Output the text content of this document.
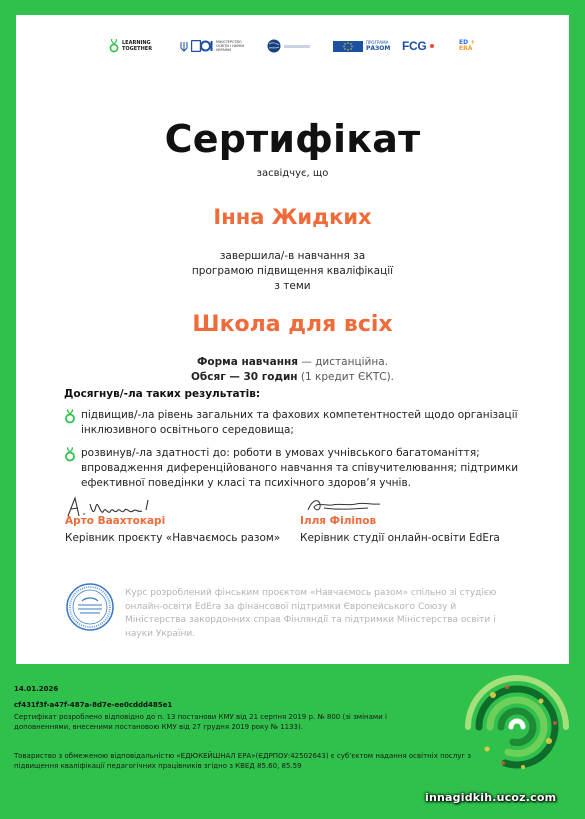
LEARNING
TOGETHER
МІНІСТЕРСТВО
ОСВІТИ І НАУКИ
УКРАЇНИ
ПРОГРАМА
РАЗОМ FCG	ED +
ERA
Сертифікат
засвідчує, що
Інна Жидких
завершила/-в навчання за
програмою підвищення кваліфікації
з теми
Школа для всіх
Форма навчання — дистанційна.
Обсяг — 30 годин (1 кредит ЄКТС).
Досягнув/-ла таких результатів:
підвищив/-ла рівень загальних та фахових компетентностей щодо організації інклюзивного освітнього середовища;
розвинув/-ла здатності до: роботи в умовах учнівського багатоманіття; впровадження диференційованого навчання та співучителювання; підтримки ефективної поведінки у класі та психічного здоров’я учнів.
Арто Ваахтокарі
Керівник проєкту «Навчаємось разом»
Ілля Філіпов
Керівник студії онлайн-освіти EdEra
Курс розроблений фінським проєктом «Навчаємось разом» спільно зі студією онлайн-освіти EdEra за фінансової підтримки Європейського Союзу й Міністерства закордонних справ Фінляндії та підтримки Міністерства освіти і науки України.
14.01.2026
cf431f3f-a47f-487a-8d7e-ee0cddd485e1
Сертифікат розроблено відповідно до п. 13 постанови КМУ від 21 серпня 2019 р. № 800 (зі змінами і доповненнями, внесеними постановою КМУ від 27 грудня 2019 року № 1133).
Товариство з обмеженою відповідальністю «ЕДЮКЕЙШНАЛ ЕРА»(ЄДРПОУ:42502643) є суб’єктом надання освітніх послуг з підвищення кваліфікації педагогічних працівників згідно з КВЕД 85.60, 85.59
innagidkih.ucoz.com
